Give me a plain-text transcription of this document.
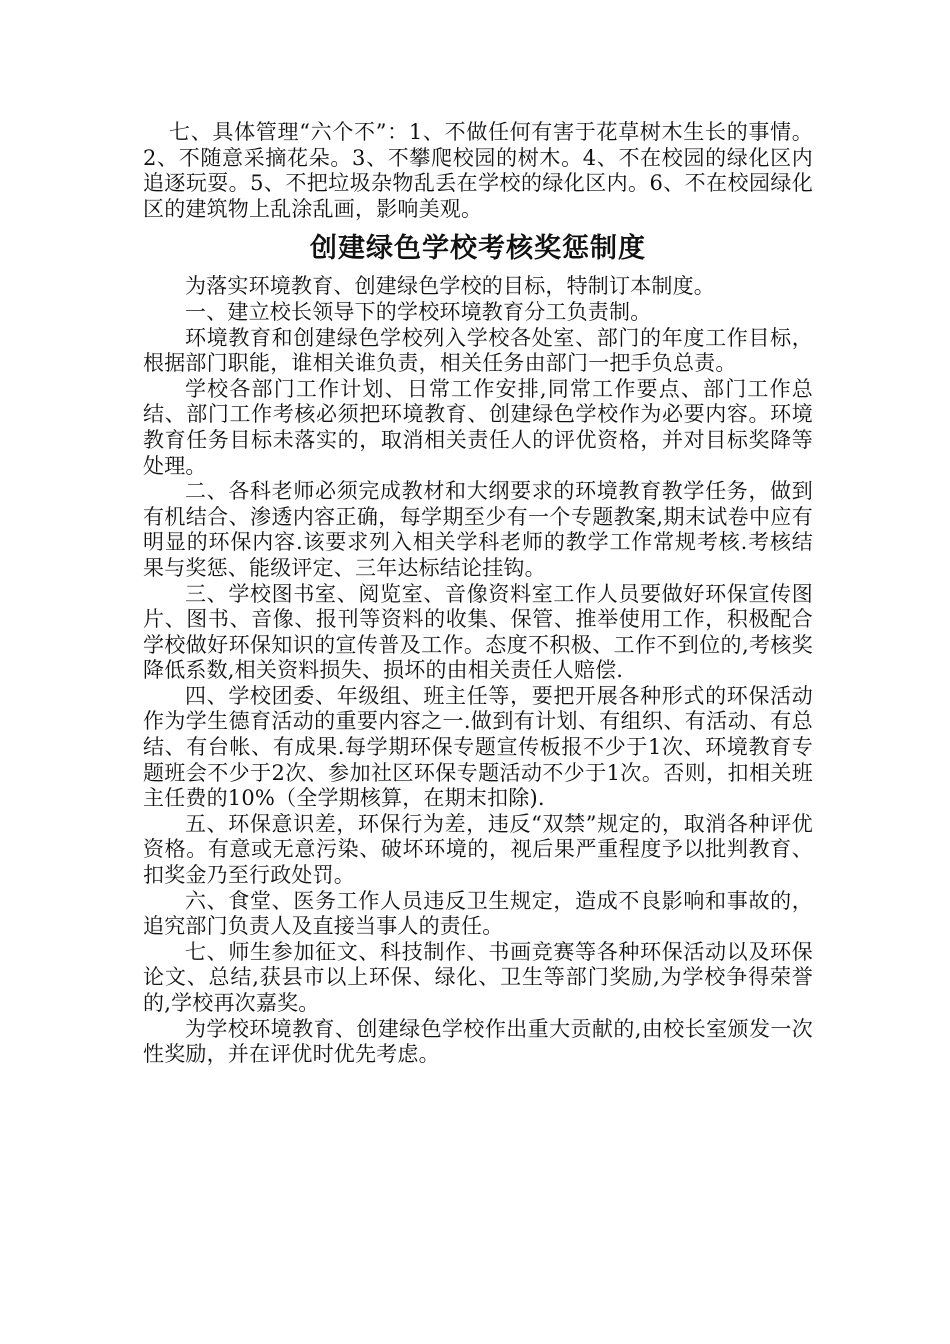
七、具体管理“六个不”：1、不做任何有害于花草树木生长的事情。2、不随意采摘花朵。3、不攀爬校园的树木。4、不在校园的绿化区内追逐玩耍。5、不把垃圾杂物乱丢在学校的绿化区内。6、不在校园绿化区的建筑物上乱涂乱画，影响美观。

创建绿色学校考核奖惩制度

为落实环境教育、创建绿色学校的目标，特制订本制度。

一、建立校长领导下的学校环境教育分工负责制。

环境教育和创建绿色学校列入学校各处室、部门的年度工作目标，根据部门职能，谁相关谁负责，相关任务由部门一把手负总责。

学校各部门工作计划、日常工作安排,同常工作要点、部门工作总结、部门工作考核必须把环境教育、创建绿色学校作为必要内容。环境教育任务目标未落实的，取消相关责任人的评优资格，并对目标奖降等处理。

二、各科老师必须完成教材和大纲要求的环境教育教学任务，做到有机结合、渗透内容正确，每学期至少有一个专题教案,期末试卷中应有明显的环保内容.该要求列入相关学科老师的教学工作常规考核.考核结果与奖惩、能级评定、三年达标结论挂钩。

三、学校图书室、阅览室、音像资料室工作人员要做好环保宣传图片、图书、音像、报刊等资料的收集、保管、推举使用工作，积极配合学校做好环保知识的宣传普及工作。态度不积极、工作不到位的,考核奖降低系数,相关资料损失、损坏的由相关责任人赔偿.

四、学校团委、年级组、班主任等，要把开展各种形式的环保活动作为学生德育活动的重要内容之一.做到有计划、有组织、有活动、有总结、有台帐、有成果.每学期环保专题宣传板报不少于1次、环境教育专题班会不少于2次、参加社区环保专题活动不少于1次。否则，扣相关班主任费的10%（全学期核算，在期末扣除).

五、环保意识差，环保行为差，违反“双禁”规定的，取消各种评优资格。有意或无意污染、破坏环境的，视后果严重程度予以批判教育、扣奖金乃至行政处罚。

六、食堂、医务工作人员违反卫生规定，造成不良影响和事故的，追究部门负责人及直接当事人的责任。

七、师生参加征文、科技制作、书画竞赛等各种环保活动以及环保论文、总结,获县市以上环保、绿化、卫生等部门奖励,为学校争得荣誉的,学校再次嘉奖。

为学校环境教育、创建绿色学校作出重大贡献的,由校长室颁发一次性奖励，并在评优时优先考虑。
